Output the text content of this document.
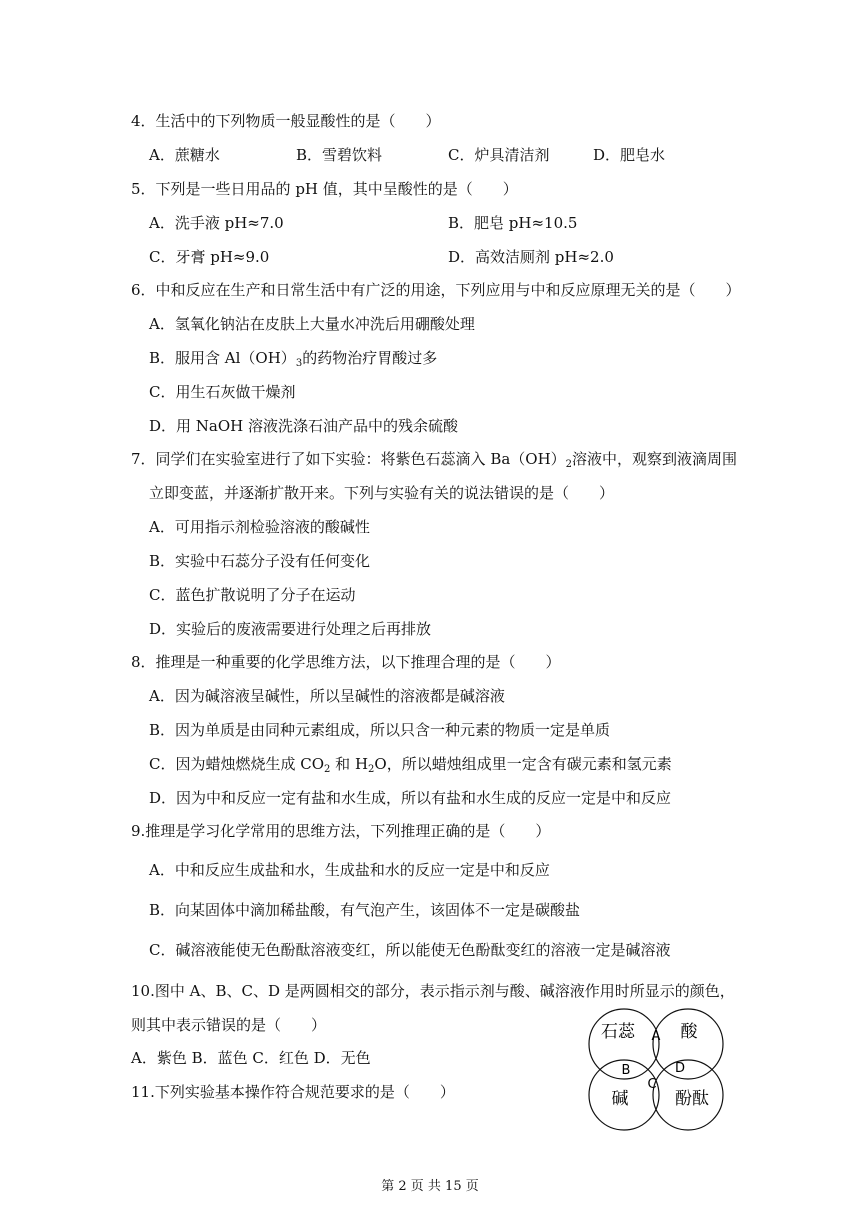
4．生活中的下列物质一般显酸性的是（　　）
A．蔗糖水	B．雪碧饮料	C．炉具清洁剂	D．肥皂水
5．下列是一些日用品的 pH 值，其中呈酸性的是（　　）
A．洗手液 pH≈7.0	B．肥皂 pH≈10.5
C．牙膏 pH≈9.0	D．高效洁厕剂 pH≈2.0
6．中和反应在生产和日常生活中有广泛的用途，下列应用与中和反应原理无关的是（　　）
A．氢氧化钠沾在皮肤上大量水冲洗后用硼酸处理
B．服用含 $Al(OH)_3$的药物治疗胃酸过多
C．用生石灰做干燥剂
D．用 NaOH 溶液洗涤石油产品中的残余硫酸
7．同学们在实验室进行了如下实验：将紫色石蕊滴入 $Ba(OH)_2$溶液中，观察到液滴周围
立即变蓝，并逐渐扩散开来。下列与实验有关的说法错误的是（　　）
A．可用指示剂检验溶液的酸碱性
B．实验中石蕊分子没有任何变化
C．蓝色扩散说明了分子在运动
D．实验后的废液需要进行处理之后再排放
8．推理是一种重要的化学思维方法，以下推理合理的是（　　）
A．因为碱溶液呈碱性，所以呈碱性的溶液都是碱溶液
B．因为单质是由同种元素组成，所以只含一种元素的物质一定是单质
C．因为蜡烛燃烧生成 $CO_2$ 和 $H_2O$，所以蜡烛组成里一定含有碳元素和氢元素
D．因为中和反应一定有盐和水生成，所以有盐和水生成的反应一定是中和反应
9.推理是学习化学常用的思维方法，下列推理正确的是（　　）
A．中和反应生成盐和水，生成盐和水的反应一定是中和反应
B．向某固体中滴加稀盐酸，有气泡产生，该固体不一定是碳酸盐
C．碱溶液能使无色酚酞溶液变红，所以能使无色酚酞变红的溶液一定是碱溶液
10.图中 A、B、C、D 是两圆相交的部分，表示指示剂与酸、碱溶液作用时所显示的颜色，
则其中表示错误的是（　　）
A．紫色 B．蓝色 C．红色 D．无色
11.下列实验基本操作符合规范要求的是（　　）
石蕊	酸
碱	酚酞
A
B
C
D
第 2 页 共 15 页
